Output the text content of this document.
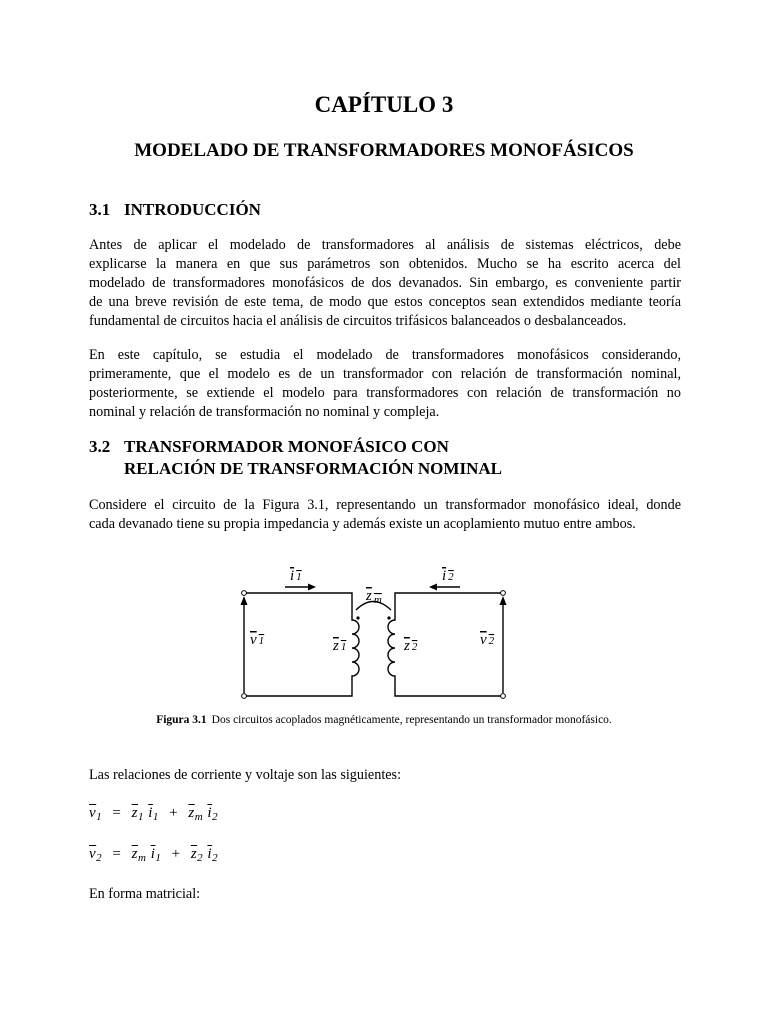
CAPÍTULO 3
MODELADO DE TRANSFORMADORES MONOFÁSICOS
3.1 INTRODUCCIÓN
Antes de aplicar el modelado de transformadores al análisis de sistemas eléctricos, debe
explicarse la manera en que sus parámetros son obtenidos. Mucho se ha escrito acerca del
modelado de transformadores monofásicos de dos devanados. Sin embargo, es conveniente partir
de una breve revisión de este tema, de modo que estos conceptos sean extendidos mediante teoría
fundamental de circuitos hacia el análisis de circuitos trifásicos balanceados o desbalanceados.
En este capítulo, se estudia el modelado de transformadores monofásicos considerando,
primeramente, que el modelo es de un transformador con relación de transformación nominal,
posteriormente, se extiende el modelo para transformadores con relación de transformación no
nominal y relación de transformación no nominal y compleja.
3.2 TRANSFORMADOR MONOFÁSICO CON
RELACIÓN DE TRANSFORMACIÓN NOMINAL
Considere el circuito de la Figura 3.1, representando un transformador monofásico ideal, donde
cada devanado tiene su propia impedancia y además existe un acoplamiento mutuo entre ambos.
i 1	i 2
z $_m$
v 1	v 2
z 1	z 2
Figura 3.1 Dos circuitos acoplados magnéticamente, representando un transformador monofásico.
Las relaciones de corriente y voltaje son las siguientes:
$\overline{v}_1 = \overline{z}_1$ $\overline{i}_1 + \overline{z}_m$ $\overline{i}_2$
$\overline{v}_2 = \overline{z}_m$ $\overline{i}_1 + \overline{z}_2$ $\overline{i}_2$
En forma matricial:
